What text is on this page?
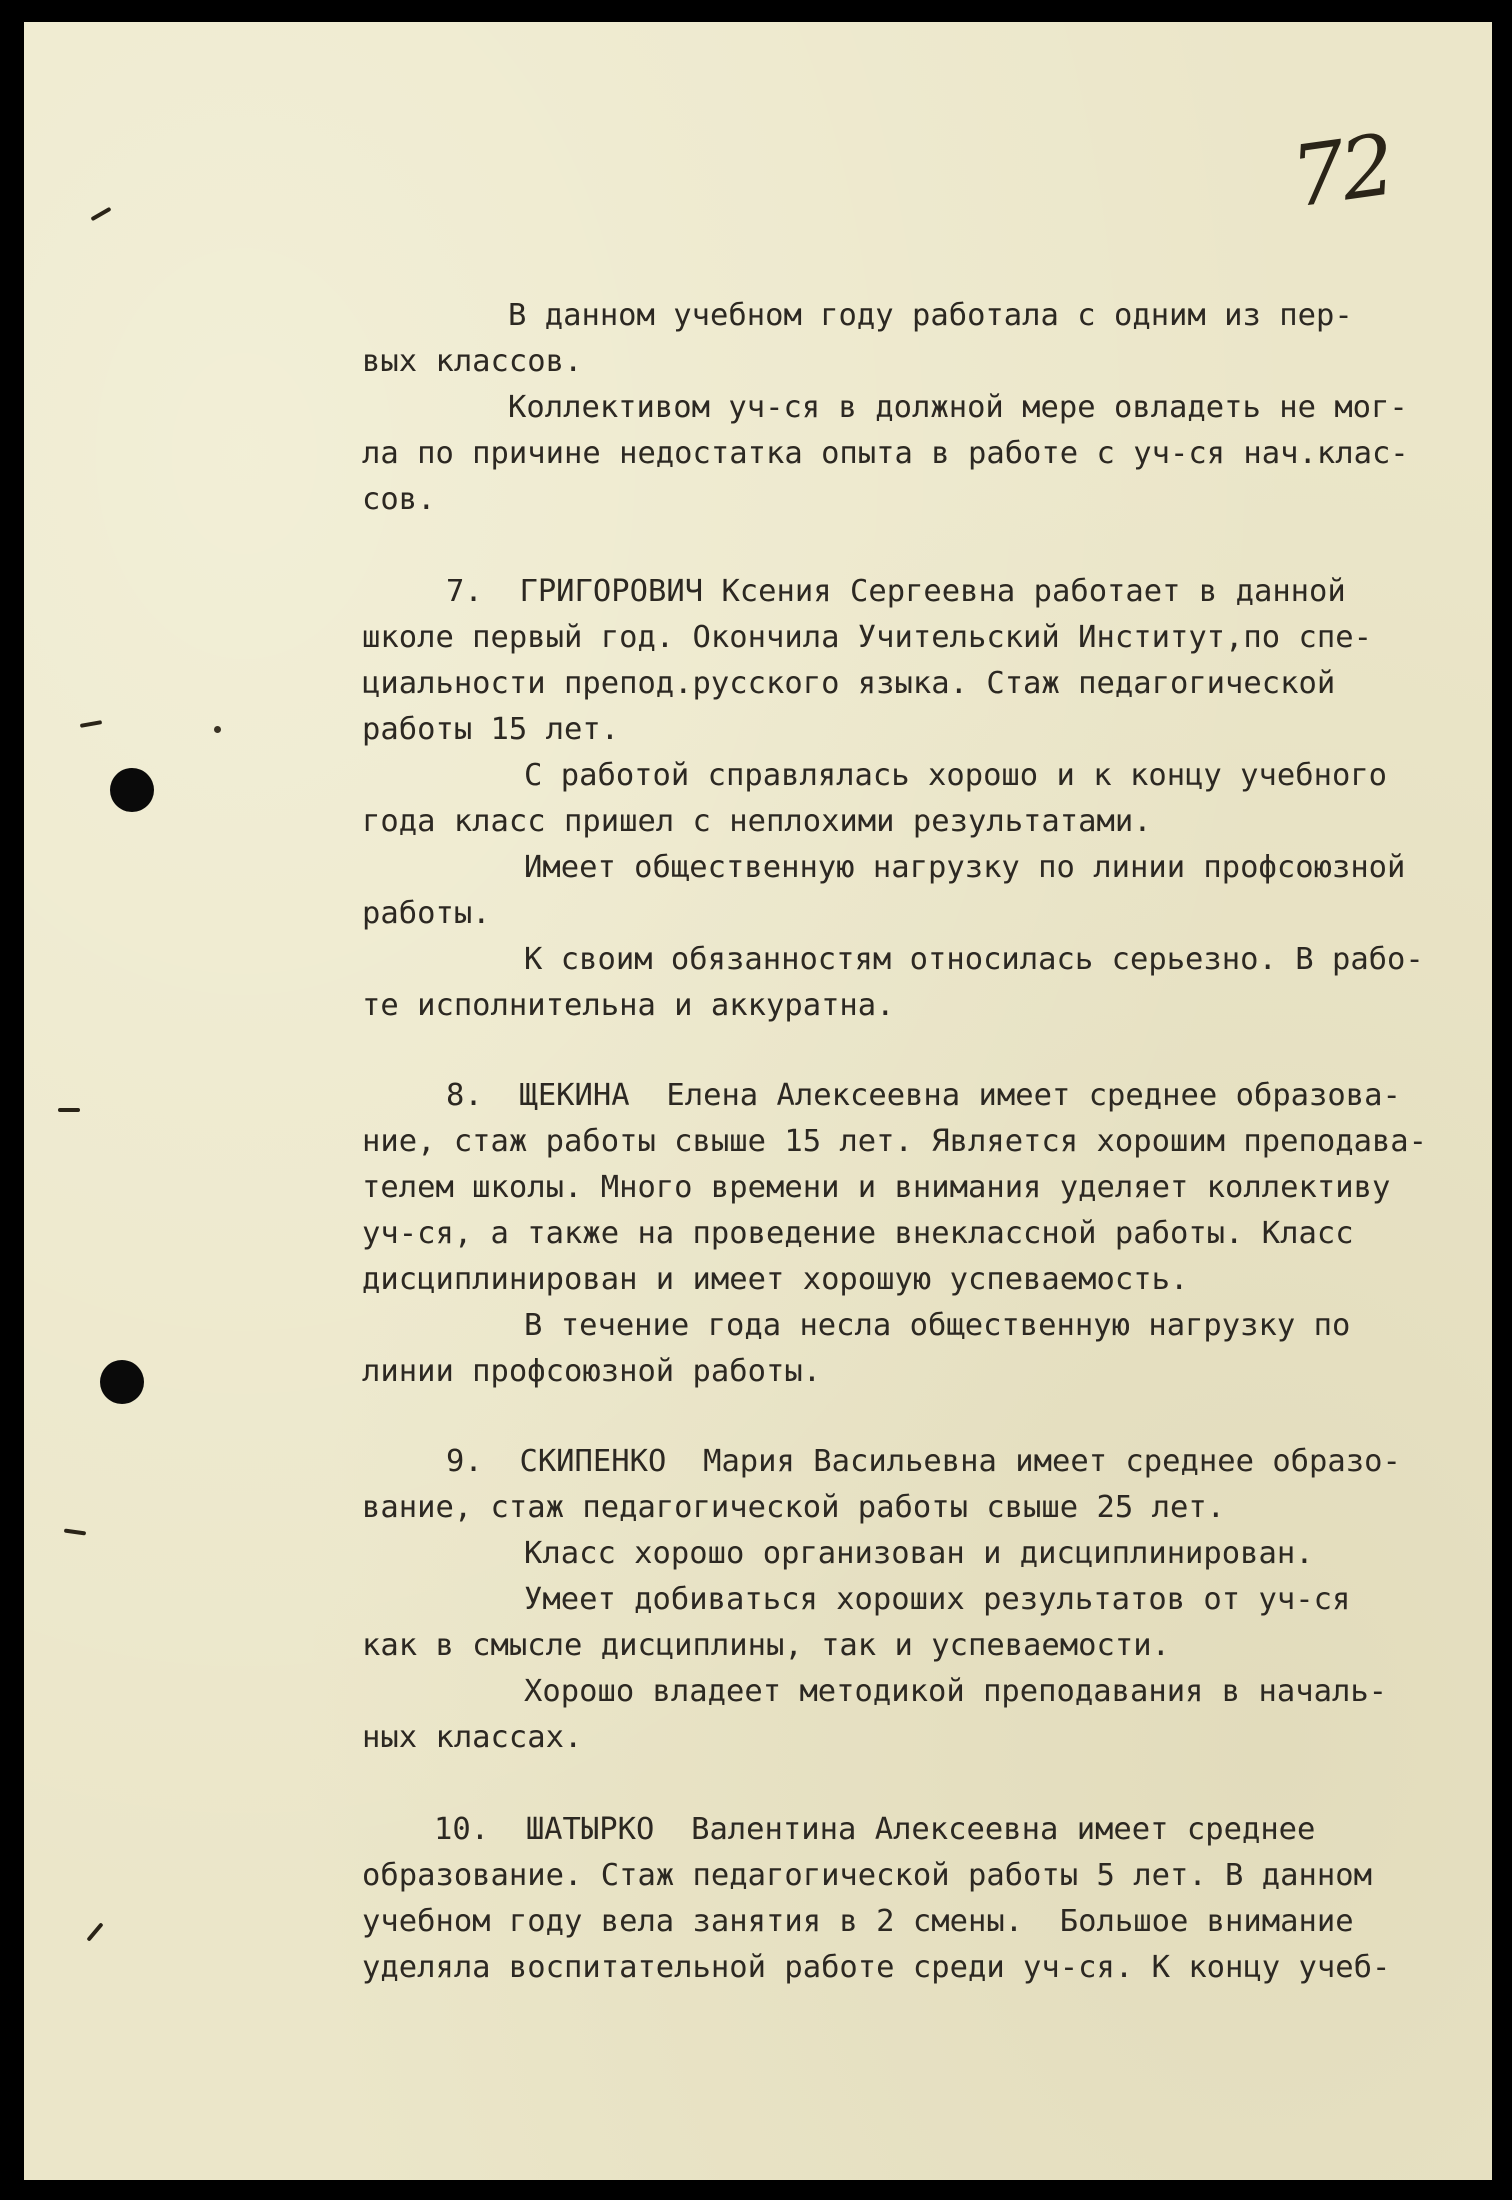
72

В данном учебном году работала с одним из пер-

вых классов.

Коллективом уч-ся в должной мере овладеть не мог-

ла по причине недостатка опыта в работе с уч-ся нач.клас-

сов.

7.  ГРИГОРОВИЧ Ксения Сергеевна работает в данной

школе первый год. Окончила Учительский Институт,по спе-

циальности препод.русского языка. Стаж педагогической

работы 15 лет.

С работой справлялась хорошо и к концу учебного

года класс пришел с неплохими результатами.

Имеет общественную нагрузку по линии профсоюзной

работы.

К своим обязанностям относилась серьезно. В рабо-

те исполнительна и аккуратна.

8.  ЩЕКИНА  Елена Алексеевна имеет среднее образова-

ние, стаж работы свыше 15 лет. Является хорошим преподава-

телем школы. Много времени и внимания уделяет коллективу

уч-ся, а также на проведение внеклассной работы. Класс

дисциплинирован и имеет хорошую успеваемость.

В течение года несла общественную нагрузку по

линии профсоюзной работы.

9.  СКИПЕНКО  Мария Васильевна имеет среднее образо-

вание, стаж педагогической работы свыше 25 лет.

Класс хорошо организован и дисциплинирован.

Умеет добиваться хороших результатов от уч-ся

как в смысле дисциплины, так и успеваемости.

Хорошо владеет методикой преподавания в началь-

ных классах.

10.  ШАТЫРКО  Валентина Алексеевна имеет среднее

образование. Стаж педагогической работы 5 лет. В данном

учебном году вела занятия в 2 смены.  Большое внимание

уделяла воспитательной работе среди уч-ся. К концу учеб-
